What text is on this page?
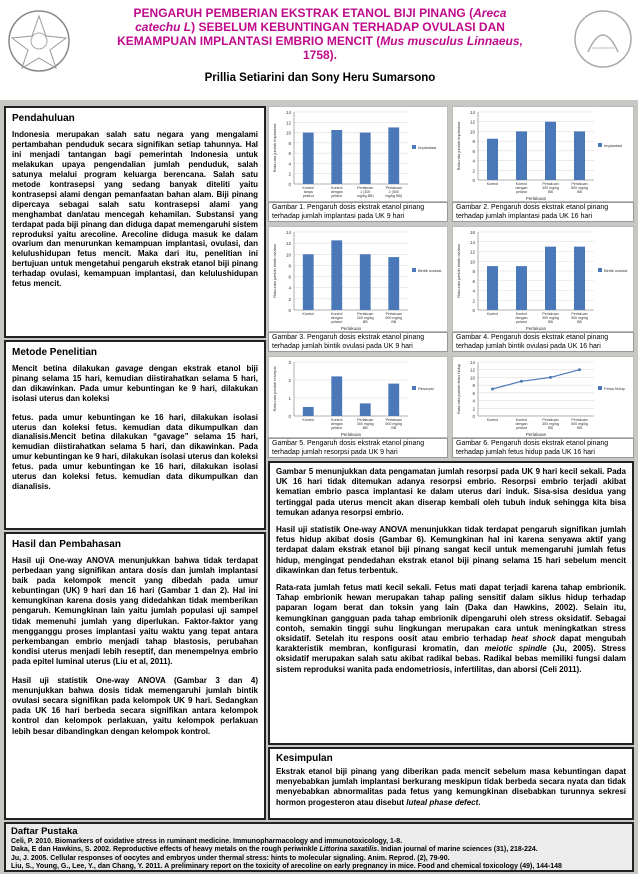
PENGARUH PEMBERIAN EKSTRAK ETANOL BIJI PINANG (Areca catechu L) SEBELUM KEBUNTINGAN TERHADAP OVULASI DAN KEMAMPUAN IMPLANTASI EMBRIO MENCIT (Mus musculus Linnaeus,
1758).
Prillia Setiarini dan Sony Heru Sumarsono
Pendahuluan

Indonesia merupakan salah satu negara yang mengalami pertambahan penduduk secara signifikan setiap tahunnya. Hal ini menjadi tantangan bagi pemerintah Indonesia untuk melakukan upaya pengendalian jumlah penduduk, salah satunya melalui program keluarga berencana. Salah satu metode kontrasepsi yang sedang banyak diteliti yaitu kontrasepsi alami dengan pemanfaatan bahan alam. Biji pinang dipercaya sebagai salah satu kontrasepsi alami yang menghambat dan/atau mencegah kehamilan. Substansi yang terdapat pada biji pinang dan diduga dapat memengaruhi sistem reproduksi yaitu arecoline. Arecoline diduga masuk ke dalam ovarium dan menurunkan kemampuan implantasi, ovulasi, dan kelulushidupan fetus mencit. Maka dari itu, penelitian ini bertujuan untuk mengetahui pengaruh ekstrak etanol biji pinang terhadap ovulasi, kemampuan implantasi, dan kelulushidupan fetus mencit.

Metode Penelitian

Mencit betina dilakukan gavage dengan ekstrak etanol biji pinang selama 15 hari, kemudian diistirahatkan selama 5 hari, dan dikawinkan. Pada umur kebuntingan ke 9 hari, dilakukan isolasi uterus dan koleksi

fetus. pada umur kebuntingan ke 16 hari, dilakukan isolasi uterus dan koleksi fetus. kemudian data dikumpulkan dan dianalisis.Mencit betina dilakukan “gavage” selama 15 hari, kemudian diistirahatkan selama 5 hari, dan dikawinkan. Pada umur kebuntingan ke 9 hari, dilakukan isolasi uterus dan koleksi fetus. pada umur kebuntingan ke 16 hari, dilakukan isolasi uterus dan koleksi fetus. kemudian data dikumpulkan dan dianalisis.

Hasil dan Pembahasan

Hasil uji One-way ANOVA menunjukkan bahwa tidak terdapat perbedaan yang signifikan antara dosis dan jumlah implantasi baik pada kelompok mencit yang dibedah pada umur kebuntingan (UK) 9 hari dan 16 hari (Gambar 1 dan 2). Hal ini kemungkinan karena dosis yang didedahkan tidak memberikan pengaruh. Kemungkinan lain yaitu jumlah populasi uji sampel tidak memenuhi jumlah yang diperlukan. Faktor-faktor yang mengganggu proses implantasi yaitu waktu yang tepat antara perkembangan embrio menjadi tahap blastosis, perubahan kondisi uterus menjadi lebih reseptif, dan menempelnya embrio pada epitel luminal uterus (Liu et al, 2011).

Hasil uji statistik One-way ANOVA (Gambar 3 dan 4) menunjukkan bahwa dosis tidak memengaruhi jumlah bintik ovulasi secara signifikan pada kelompok UK 9 hari. Sedangkan pada UK 16 hari berbeda secara signifikan antara kelompok kontrol dan kelompok perlakuan, yaitu kelompok perlakuan lebih besar dibandingkan dengan kelompok kontrol.

0
2
4
6
8
10
12
14
Rata-rata jumlah implantasi
Kontrol tanpa pelarut
Kontrol dengan pelarut
Perlakuan 1 (300 mg/kg BB)
Perlakuan 2 (500 mg/kg BB)
Implantasi
0
2
4
6
8
10
12
14
Rata-rata jumlah implantasi
Kontrol	Kontrol dengan pelarut
Perlakuan 300 mg/kg BB
Perlakuan 500 mg/kg BB
Perlakuan
Implantasi
Gambar 1. Pengaruh dosis ekstrak etanol pinang terhadap jumlah implantasi pada UK 9 hari
Gambar 2. Pengaruh dosis ekstrak etanol pinang terhadap jumlah implantasi pada UK 16 hari
0
2
4
6
8
10
12
14
Rata-rata jumlah bintik ovulasi
Kontrol	Kontrol dengan pelarut
Perlakuan 300 mg/kg BB
Perlakuan 500 mg/kg BB
Perlakuan
Bintik ovulasi
0
2
4
6
8
10
12
14
16
Rata-rata jumlah bintik ovulasi
Kontrol	Kontrol dengan pelarut
Perlakuan 300 mg/kg BB
Perlakuan 500 mg/kg BB
Perlakuan
Bintik ovulasi
Gambar 3. Pengaruh dosis ekstrak etanol pinang terhadap jumlah bintik ovulasi pada UK 9 hari
Gambar 4. Pengaruh dosis ekstrak etanol pinang terhadap jumlah bintik ovulasi pada UK 16 hari
0
1
2
3
Rata-rata jumlah resorpsi
Kontrol	Kontrol dengan pelarut
Perlakuan 300 mg/kg BB
Perlakuan 500 mg/kg BB
Perlakuan
Resorpsi
0
2
4
6
8
10
12
14
Rata-rata jumlah fetus hidup
Kontrol	Kontrol dengan pelarut
Perlakuan 300 mg/kg BB
Perlakuan 500 mg/kg BB
Perlakuan
Fetus hidup
Gambar 5. Pengaruh dosis ekstrak etanol pinang terhadap jumlah resorpsi pada UK 9 hari
Gambar 6. Pengaruh dosis ekstrak etanol pinang terhadap jumlah fetus hidup pada UK 16 hari

Gambar 5 menunjukkan data pengamatan jumlah resorpsi pada UK 9 hari kecil sekali. Pada UK 16 hari tidak ditemukan adanya resorpsi embrio. Resorpsi embrio terjadi akibat kematian embrio pasca implantasi ke dalam uterus dari induk. Sisa-sisa desidua yang tertinggal pada uterus mencit akan diserap kembali oleh tubuh induk sehingga kita bisa temukan adanya resorpsi embrio.

Hasil uji statistik One-way ANOVA menunjukkan tidak terdapat pengaruh signifikan jumlah fetus hidup akibat dosis (Gambar 6). Kemungkinan hal ini karena senyawa aktif yang terdapat dalam ekstrak etanol biji pinang sangat kecil untuk memengaruhi jumlah fetus hidup, mengingat pendedahan ekstrak etanol biji pinang selama 15 hari sebelum mencit dikawinkan dan fetus terbentuk.

Rata-rata jumlah fetus mati kecil sekali. Fetus mati dapat terjadi karena tahap embrionik. Tahap embrionik hewan merupakan tahap paling sensitif dalam siklus hidup terhadap paparan logam berat dan toksin yang lain (Daka dan Hawkins, 2002). Selain itu, kemungkinan gangguan pada tahap embrionik dipengaruhi oleh stress oksidatif. Sebagai contoh, semakin tinggi suhu lingkungan merupakan cara untuk meningkatkan stress oksidatif. Setelah itu respons oosit atau embrio terhadap heat shock dapat mengubah karakteristik membran, konfigurasi kromatin, dan meiotic spindle (Ju, 2005). Stress oksidatif merupakan salah satu akibat radikal bebas. Radikal bebas memiliki fungsi dalam sistem reproduksi wanita pada endometriosis, infertilitas, dan aborsi (Celi 2011).

Kesimpulan

Ekstrak etanol biji pinang yang diberikan pada mencit sebelum masa kebuntingan dapat menyebabkan jumlah implantasi berkurang meskipun tidak berbeda secara nyata dan tidak menyebabkan abnormalitas pada fetus yang kemungkinan disebabkan turunnya sekresi hormon progesteron atau disebut luteal phase defect.

Daftar Pustaka
Celi, P. 2010. Biomarkers of oxidative stress in ruminant medicine. Immunopharmacology and immunotoxicology, 1-8.
Daka, E dan Hawkins, S. 2002. Reproductive effects of heavy metals on the rough periwinkle Littorina saxatilis. Indian journal of marine sciences (31), 218-224.
Ju, J. 2005. Cellular responses of oocytes and embryos under thermal stress: hints to molecular signaling. Anim. Reprod. (2), 79-90.
Liu, S., Young, G., Lee, Y., dan Chang, Y. 2011. A preliminary report on the toxicity of arecoline on early pregnancy in mice. Food and chemical toxicology (49), 144-148
